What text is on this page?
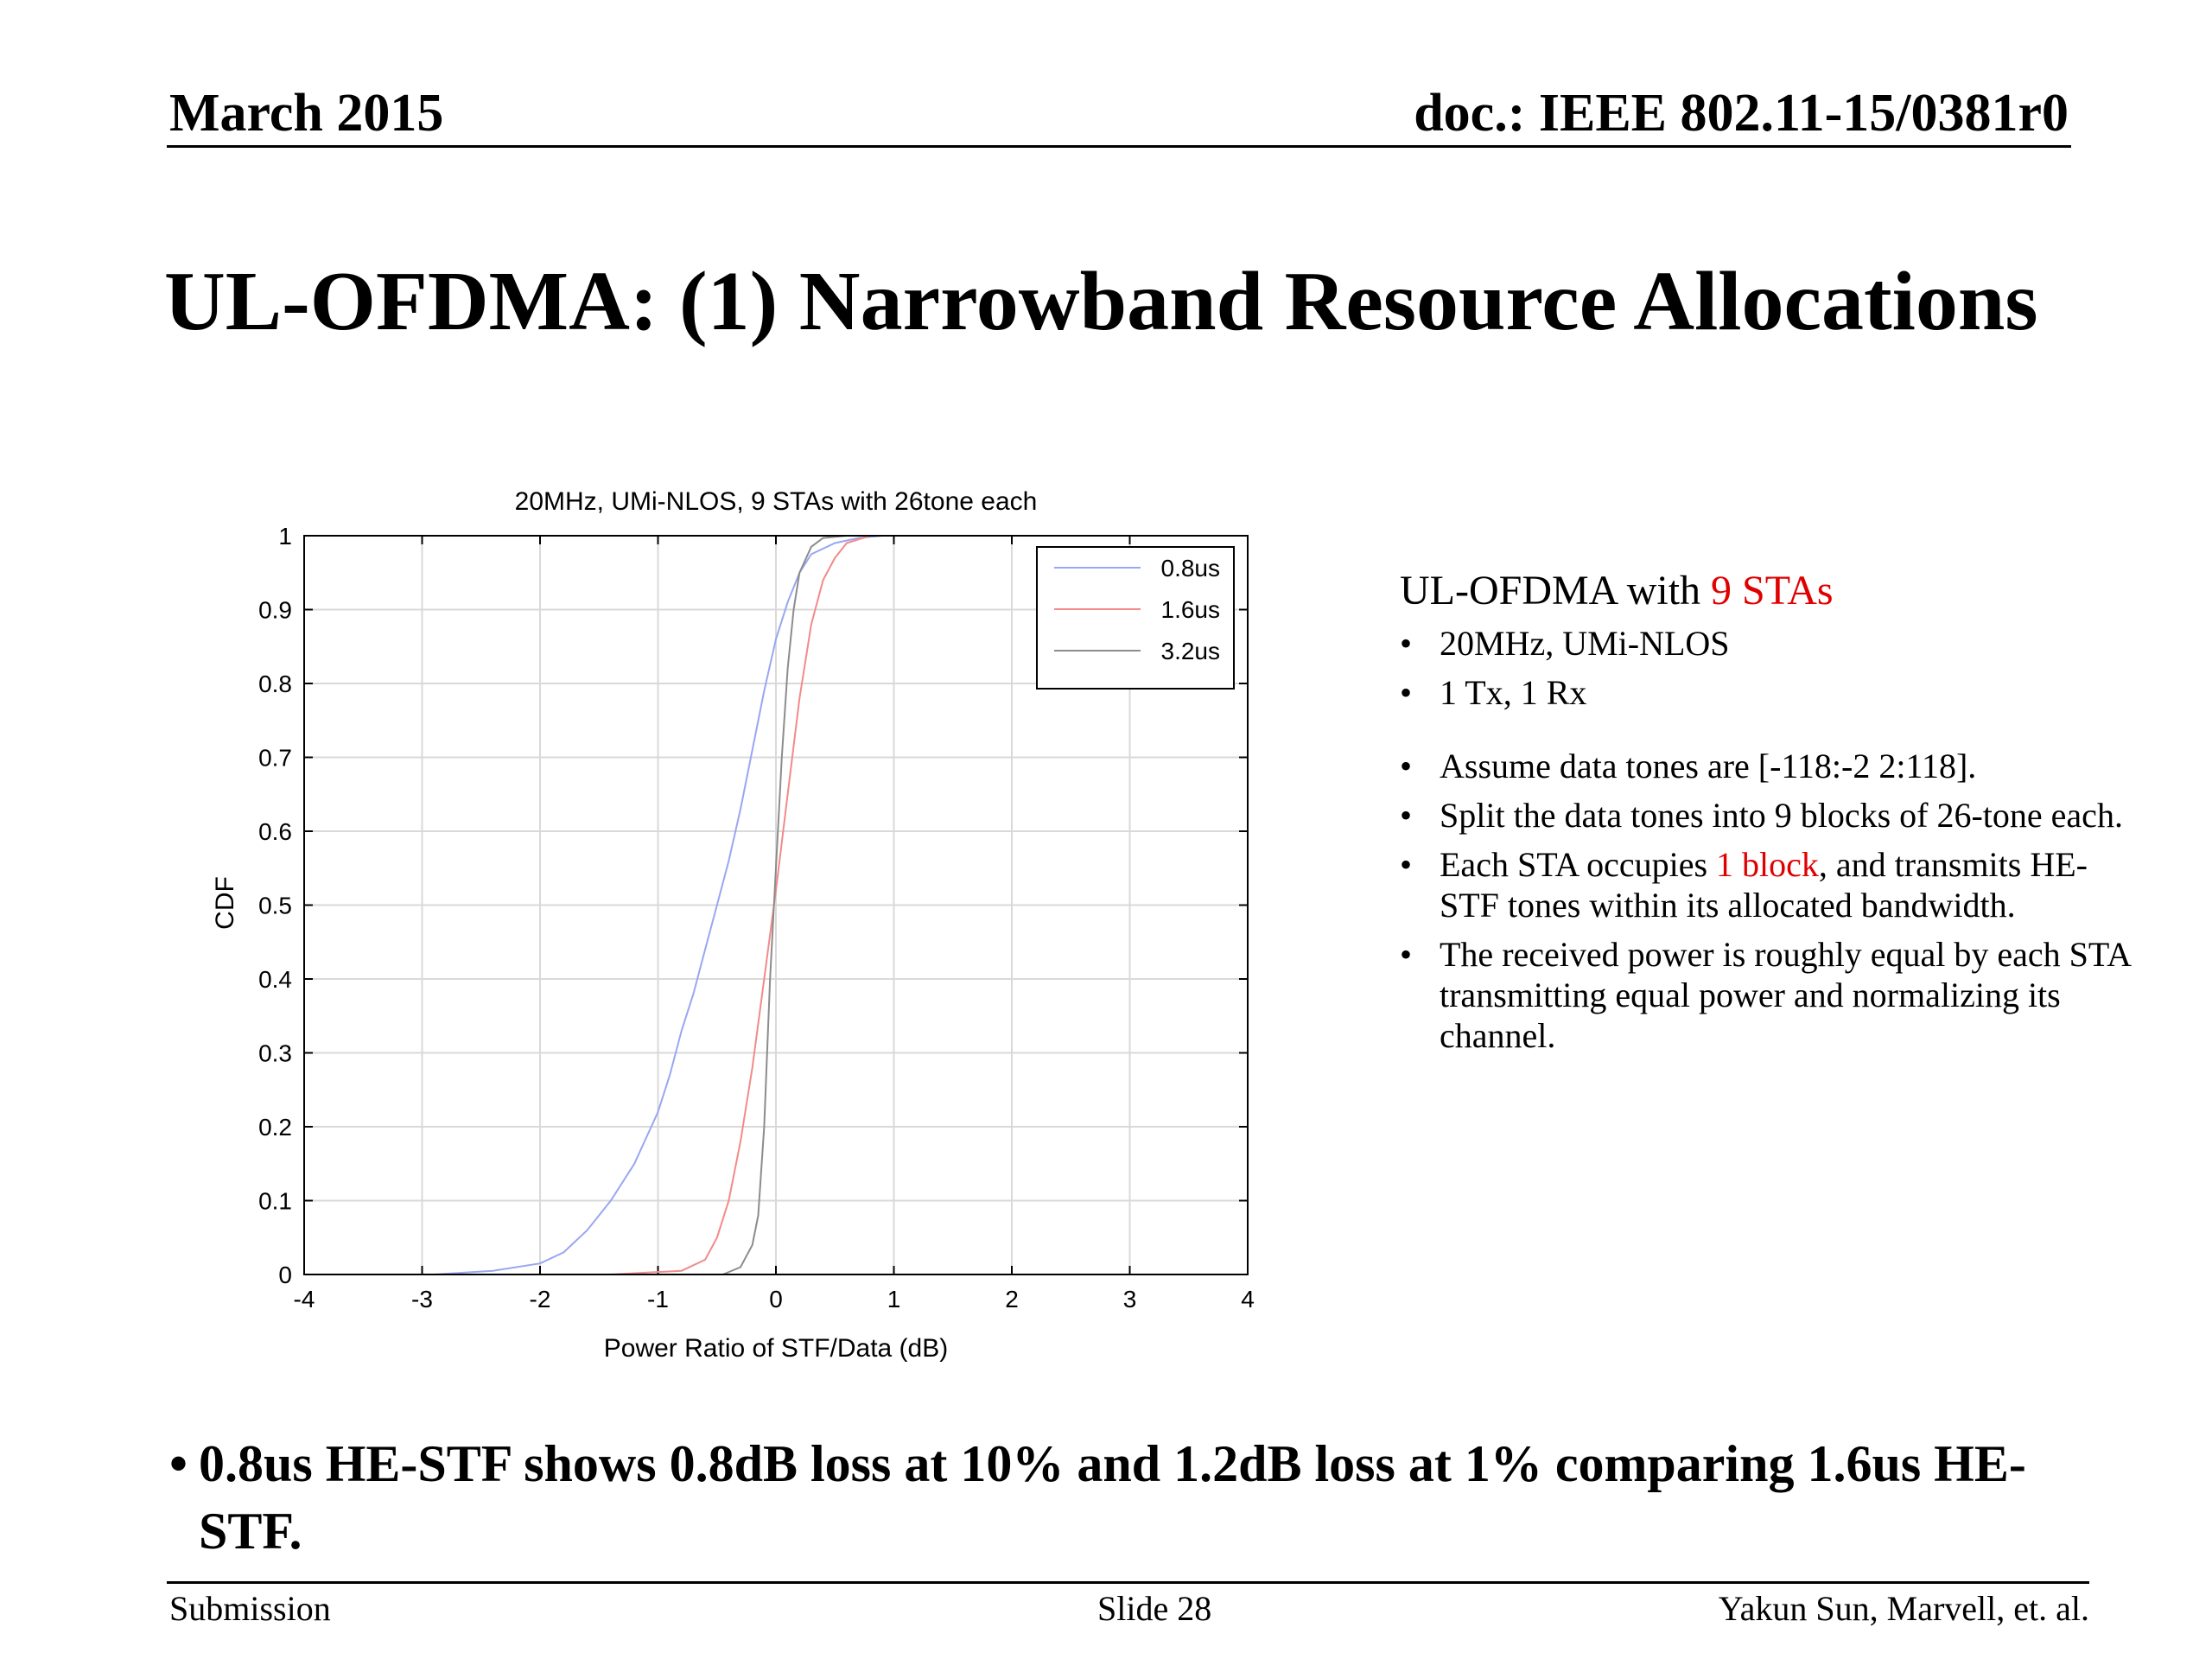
March 2015	doc.: IEEE 802.11-15/0381r0
UL-OFDMA: (1) Narrowband Resource Allocations
20MHz, UMi-NLOS, 9 STAs with 26tone each
Power Ratio of STF/Data (dB)
CDF
-4	-3	-2	-1	0	1	2	3	4
0
0.1
0.2
0.3
0.4
0.5
0.6
0.7
0.8
0.9
1
0.8us
1.6us
3.2us

UL-OFDMA with 9 STAs

• 20MHz, UMi-NLOS
• 1 Tx, 1 Rx
• Assume data tones are [-118:-2 2:118].
• Split the data tones into 9 blocks of 26-tone each.
• Each STA occupies 1 block, and transmits HE-STF tones within its allocated bandwidth.
• The received power is roughly equal by each STA transmitting equal power and normalizing its channel.
• 0.8us HE-STF shows 0.8dB loss at 10% and 1.2dB loss at 1% comparing 1.6us HE-STF.
Submission	Slide 28	Yakun Sun, Marvell, et. al.
